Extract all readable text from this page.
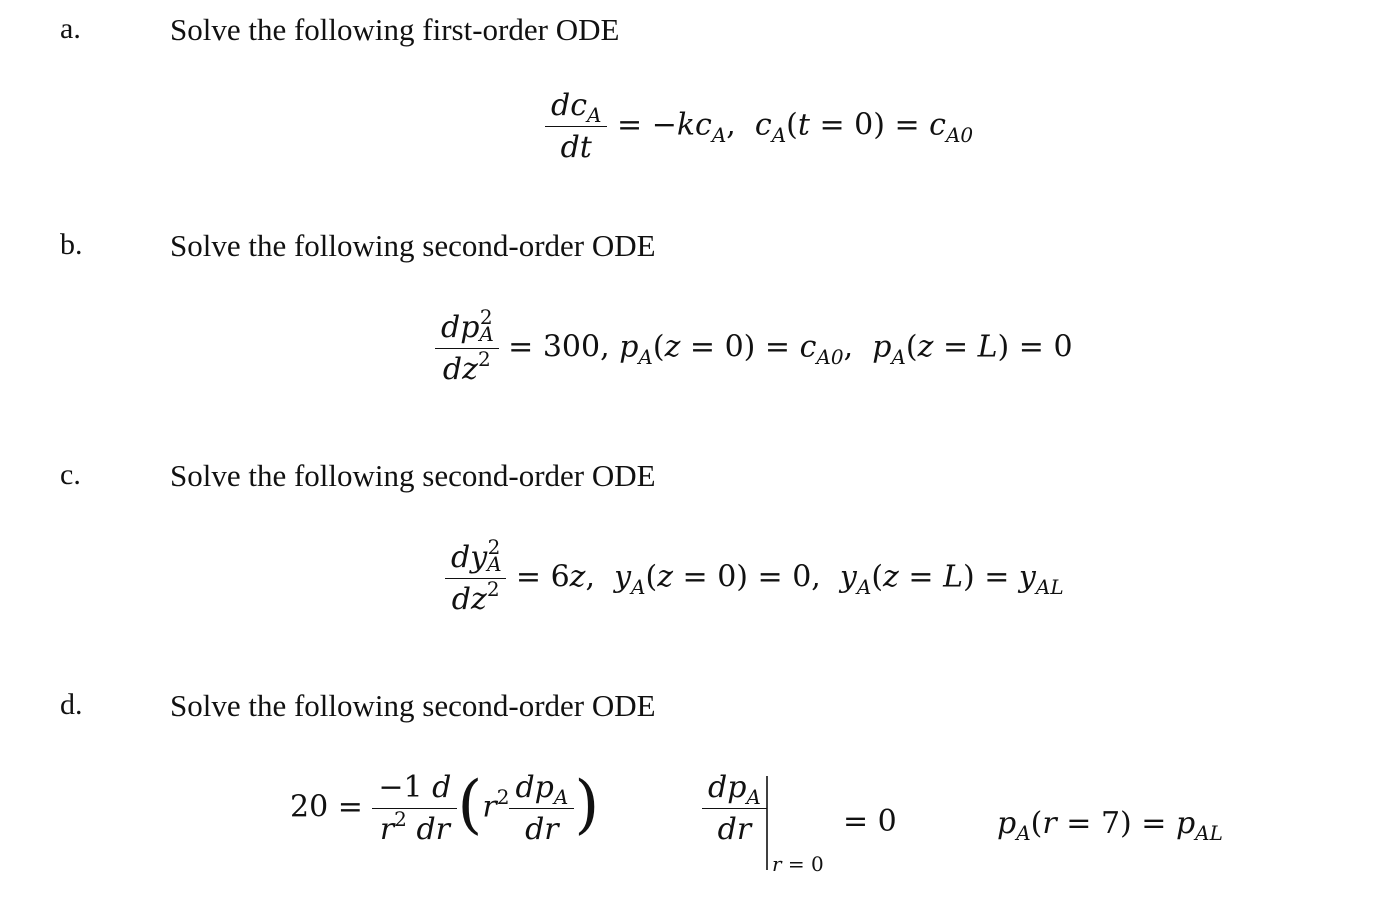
a.
b.
c.
d.
Solve the following first-order ODE
Solve the following second-order ODE
Solve the following second-order ODE
Solve the following second-order ODE
$\frac{dc_A}{dt} = -kc_A$,  $c_A(t = 0) = c_{A0}$
$\frac{dpA^2}{dz^2} = 300$, $p_A(z = 0) = c_{A0}$,  $p_A(z = L) = 0$
$\frac{dyA^2}{dz^2} = 6z$,  $y_A(z = 0) = 0$,  $y_A(z = L) = y_{AL}$
$20 = \frac{-1 d}{r^2 dr} (r^2 \frac{dp_A}{dr}$ )	$\frac{dp_A}{dr}$
r = 0
= 0	$p_A(r = 7) = p_{AL}$
